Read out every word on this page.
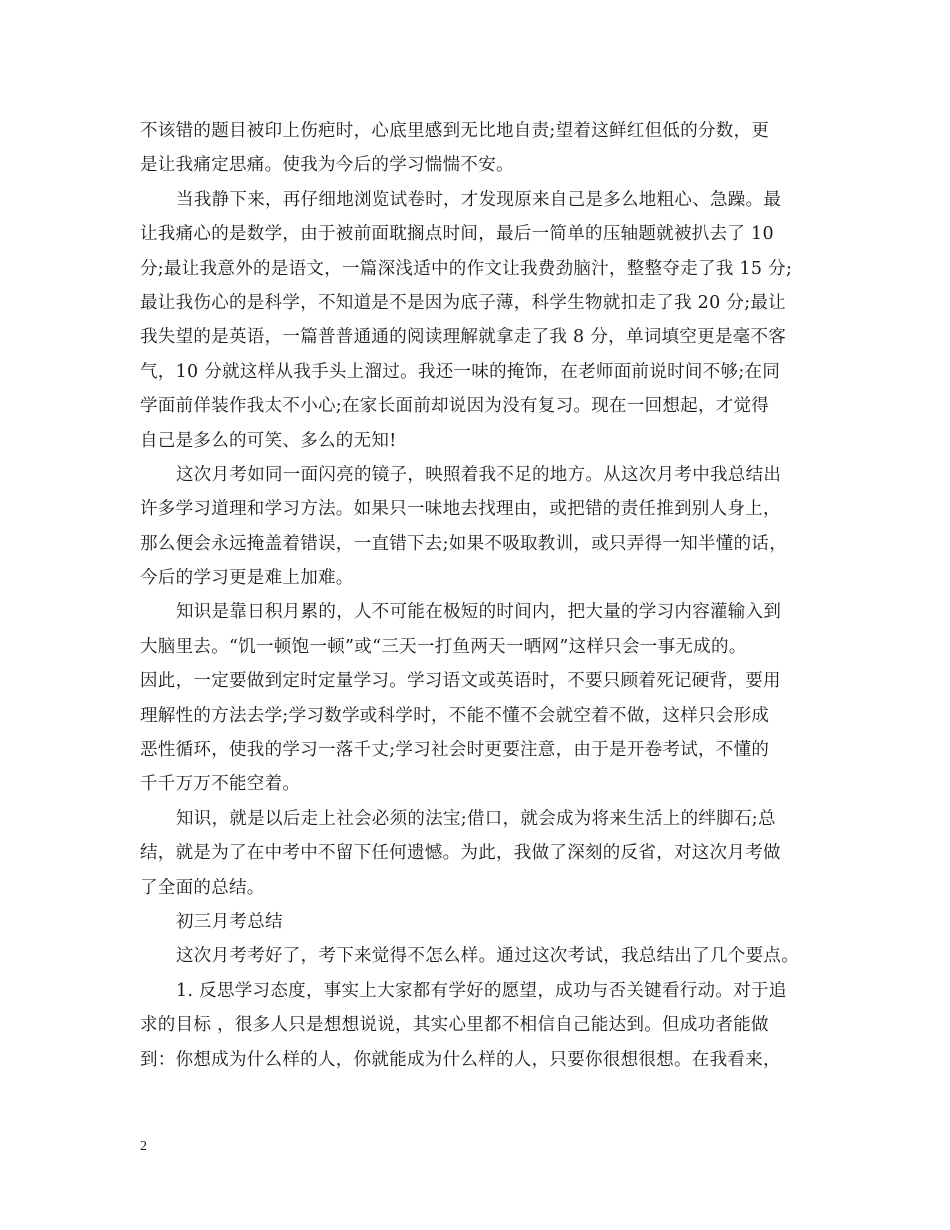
不该错的题目被印上伤疤时，心底里感到无比地自责;望着这鲜红但低的分数，更
是让我痛定思痛。使我为今后的学习惴惴不安。
当我静下来，再仔细地浏览试卷时，才发现原来自己是多么地粗心、急躁。最
让我痛心的是数学，由于被前面耽搁点时间，最后一简单的压轴题就被扒去了 10
分;最让我意外的是语文，一篇深浅适中的作文让我费劲脑汁，整整夺走了我 15 分;
最让我伤心的是科学，不知道是不是因为底子薄，科学生物就扣走了我 20 分;最让
我失望的是英语，一篇普普通通的阅读理解就拿走了我 8 分，单词填空更是毫不客
气，10 分就这样从我手头上溜过。我还一味的掩饰，在老师面前说时间不够;在同
学面前佯装作我太不小心;在家长面前却说因为没有复习。现在一回想起，才觉得
自己是多么的可笑、多么的无知!
这次月考如同一面闪亮的镜子，映照着我不足的地方。从这次月考中我总结出
许多学习道理和学习方法。如果只一味地去找理由，或把错的责任推到别人身上，
那么便会永远掩盖着错误，一直错下去;如果不吸取教训，或只弄得一知半懂的话，
今后的学习更是难上加难。
知识是靠日积月累的，人不可能在极短的时间内，把大量的学习内容灌输入到
大脑里去。“饥一顿饱一顿”或“三天一打鱼两天一晒网”这样只会一事无成的。
因此，一定要做到定时定量学习。学习语文或英语时，不要只顾着死记硬背，要用
理解性的方法去学;学习数学或科学时，不能不懂不会就空着不做，这样只会形成
恶性循环，使我的学习一落千丈;学习社会时更要注意，由于是开卷考试，不懂的
千千万万不能空着。
知识，就是以后走上社会必须的法宝;借口，就会成为将来生活上的绊脚石;总
结，就是为了在中考中不留下任何遗憾。为此，我做了深刻的反省，对这次月考做
了全面的总结。
初三月考总结
这次月考考好了，考下来觉得不怎么样。通过这次考试，我总结出了几个要点。
1. 反思学习态度，事实上大家都有学好的愿望，成功与否关键看行动。对于追
求的目标 ，很多人只是想想说说，其实心里都不相信自己能达到。但成功者能做
到：你想成为什么样的人，你就能成为什么样的人，只要你很想很想。在我看来，
2
